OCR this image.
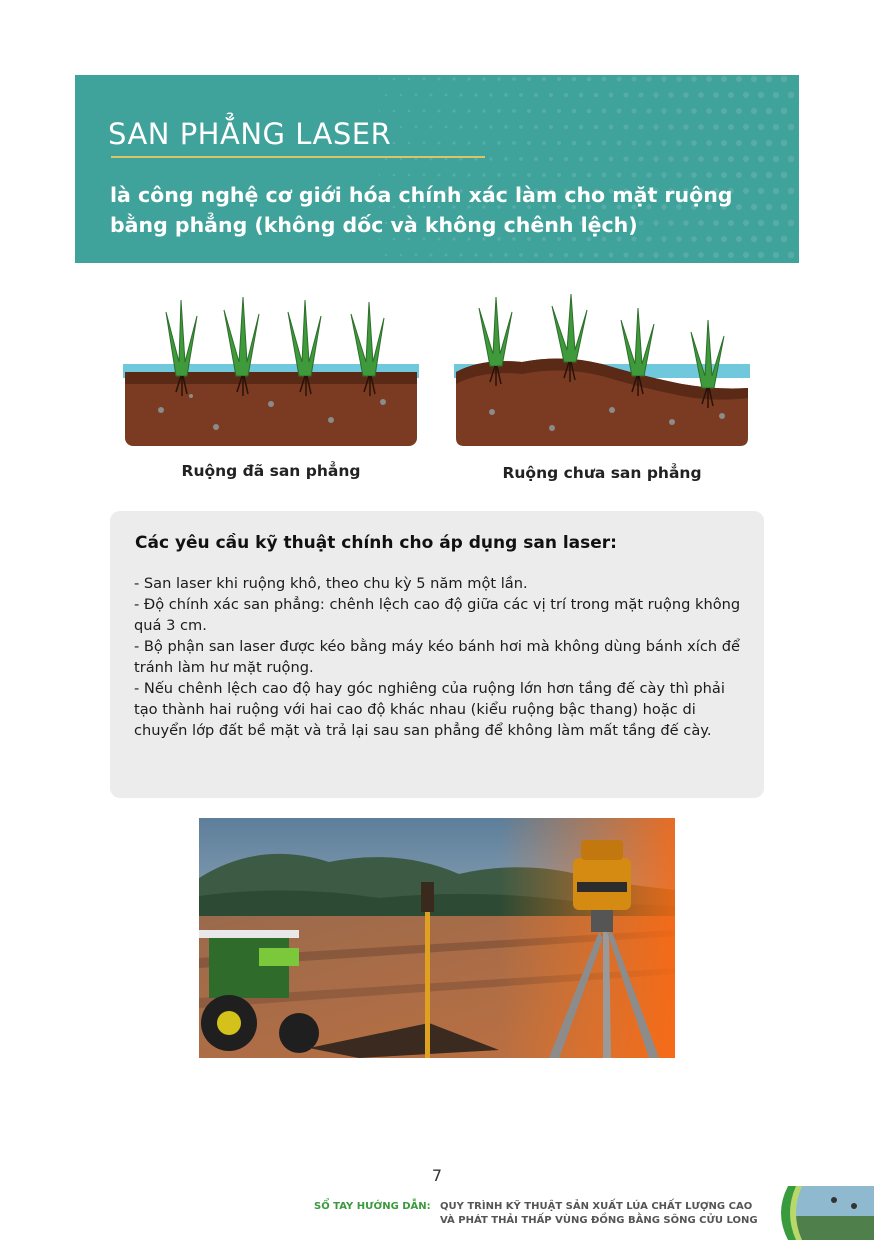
SAN PHẲNG LASER
là công nghệ cơ giới hóa chính xác làm cho mặt ruộng bằng phẳng (không dốc và không chênh lệch)
Ruộng đã san phẳng	Ruộng chưa san phẳng
Các yêu cầu kỹ thuật chính cho áp dụng san laser:
- San laser khi ruộng khô, theo chu kỳ 5 năm một lần.
- Độ chính xác san phẳng: chênh lệch cao độ giữa các vị trí trong mặt ruộng không quá 3 cm.
- Bộ phận san laser được kéo bằng máy kéo bánh hơi mà không dùng bánh xích để tránh làm hư mặt ruộng.
- Nếu chênh lệch cao độ hay góc nghiêng của ruộng lớn hơn tầng đế cày thì phải tạo thành hai ruộng với hai cao độ khác nhau (kiểu ruộng bậc thang) hoặc di chuyển lớp đất bề mặt và trả lại sau san phẳng để không làm mất tầng đế cày.
7
SỔ TAY HƯỚNG DẪN: QUY TRÌNH KỸ THUẬT SẢN XUẤT LÚA CHẤT LƯỢNG CAO
VÀ PHÁT THẢI THẤP VÙNG ĐỒNG BẰNG SÔNG CỬU LONG
